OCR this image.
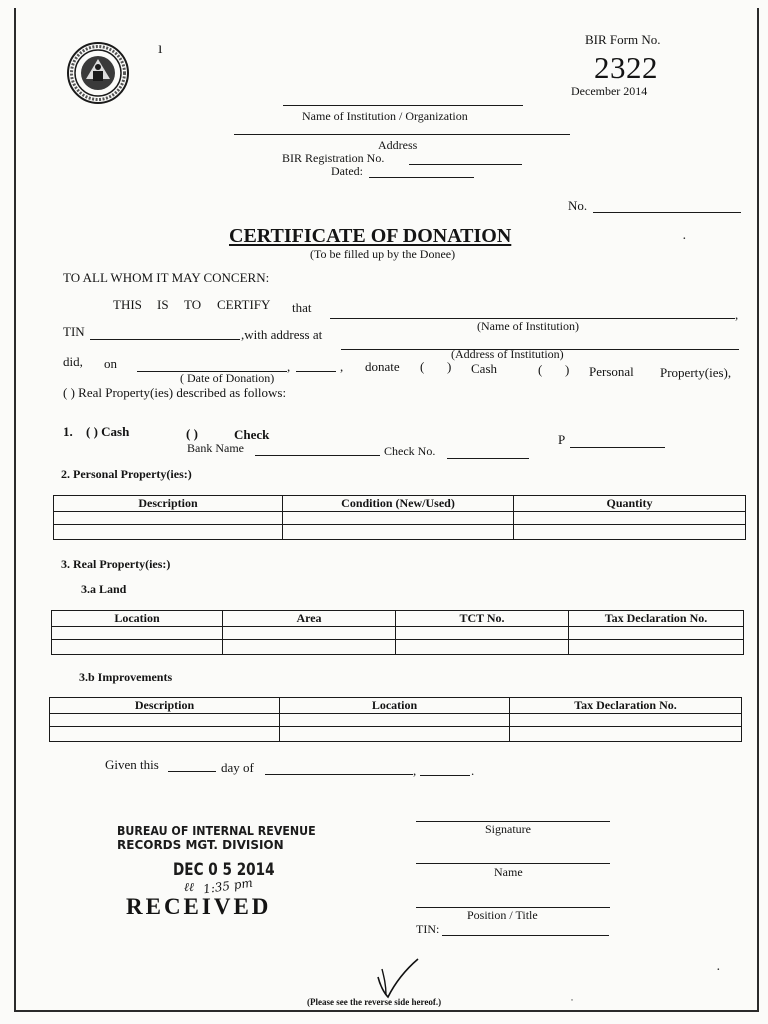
ı
BIR Form No.
2322
December 2014
Name of Institution / Organization
Address
BIR Registration No.
Dated:
No.
CERTIFICATE OF DONATION	·
(To be filled up by the Donee)
TO ALL WHOM IT MAY CONCERN:
THIS IS TO CERTIFY that	,
(Name of Institution)
TIN	,with address at
(Address of Institution)
did, on	,	, donate ( ) Cash	( ) Personal Property(ies),
( Date of Donation)
( ) Real Property(ies) described as follows:
1. ( ) Cash	( )	Check
Bank Name	Check No.
P
2. Personal Property(ies:)
Description	Condition (New/Used)	Quantity

3. Real Property(ies:)
3.a Land
Location	Area	TCT No.	Tax Declaration No.

3.b Improvements
Description	Location	Tax Declaration No.

Given this	day of	,	.
Signature
Name
Position / Title
TIN:
BUREAU OF INTERNAL REVENUE
RECORDS MGT. DIVISION
DEC 0 5 2014
1:35 pm
ℓℓ
RECEIVED
·
˙
(Please see the reverse side hereof.)
